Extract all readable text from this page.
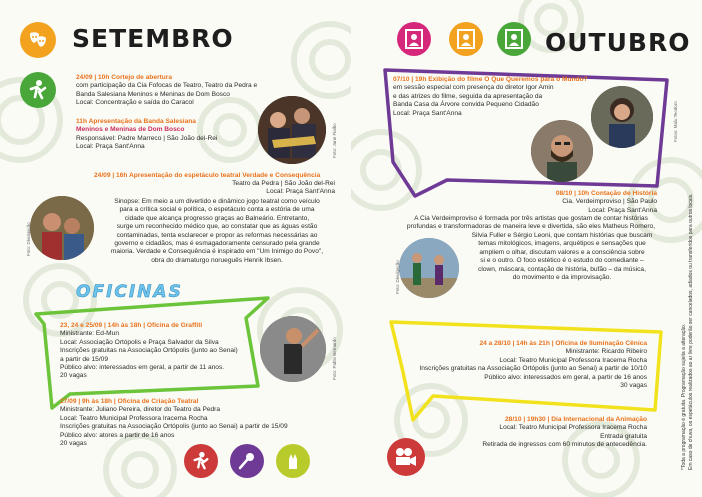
SETEMBRO
24/09 | 10h Cortejo de abertura
com participação da Cia Fofocas de Teatro, Teatro da Pedra e
Banda Salesiana Meninos e Meninas de Dom Bosco
Local: Concentração e saída do Caracol
11h Apresentação da Banda Salesiana
Meninos e Meninas de Dom Bosco
Responsável: Padre Marreco | São João del-Rei
Local: Praça Sant'Anna	Foto: Jane Fialho
24/09 | 16h Apresentação do espetáculo teatral Verdade e Consequência
Teatro da Pedra | São João del-Rei
Local: Praça Sant'Anna
Foto: Divulgação
Sinopse: Em meio a um divertido e dinâmico jogo teatral como veículo
para a crítica social e política, o espetáculo conta a estória de uma
cidade que alcança progresso graças ao Balneário. Entretanto,
surge um reconhecido médico que, ao constatar que as águas estão
contaminadas, tenta esclarecer e propor as reformas necessárias ao
governo e cidadãos, mas é esmagadoramente censurado pela grande
maioria. Verdade e Consequência é inspirado em "Um Inimigo do Povo",
obra do dramaturgo norueguês Henrik Ibsen.
OFICINAS
23, 24 e 25/09 | 14h às 18h | Oficina de Graffiti
Ministrante: Ed-Mun
Local: Associação Ortópolis e Praça Salvador da Silva
Inscrições gratuitas na Associação Ortópolis (junto ao Senai)
a partir de 15/09
Público alvo: interessados em geral, a partir de 11 anos.
20 vagas	Foto: Pablo Bernardo
27/09 | 9h às 18h | Oficina de Criação Teatral
Ministrante: Juliano Pereira, diretor do Teatro da Pedra
Local: Teatro Municipal Professora Iracema Rocha
Inscrições gratuitas na Associação Ortópolis (junto ao Senai) a partir de 15/09
Público alvo: atores a partir de 16 anos
20 vagas
OUTUBRO
07/10 | 19h Exibição do filme O Que Queremos para o Mundo?
em sessão especial com presença do diretor Igor Amin
e das atrizes do filme, seguida da apresentação da
Banda Casa da Árvore convida Pequeno Cidadão
Local: Praça Sant'Anna	Fotos: Malu Teodoro
08/10 | 10h Contação de História
Cia. Verdeimproviso | São Paulo
Local: Praça Sant'Anna
A Cia Verdeimproviso é formada por três artistas que gostam de contar histórias
profundas e transformadoras de maneira leve e divertida, são eles Matheus Romero,
Silvia Fuller e Sérgio Leoni, que contam histórias que buscam
temas mitológicos, imagens, arquétipos e sensações que
ampliem o olhar, discutam valores e a consciência sobre
si e o outro. O foco estético é o estudo do comediante –
clown, máscara, contação de história, bufão – da música,
do movimento e da improvisação.
Foto: Divulgação
24 a 28/10 | 14h às 21h | Oficina de Iluminação Cênica
Ministrante: Ricardo Ribeiro
Local: Teatro Municipal Professora Iracema Rocha
Inscrições gratuitas na Associação Ortópolis (junto ao Senai) a partir de 10/10
Público alvo: interessados em geral, a partir de 16 anos
30 vagas
28/10 | 19h30 | Dia Internacional da Animação
Local: Teatro Municipal Professora Iracema Rocha
Entrada gratuita
Retirada de ingressos com 60 minutos de antecedência.	*Toda a programação é gratuita. Programação sujeita a alteração. Em caso de chuva, os espetáculos realizados ao ar livre poderão ser cancelados, adiados ou transferidos para outros locais.
